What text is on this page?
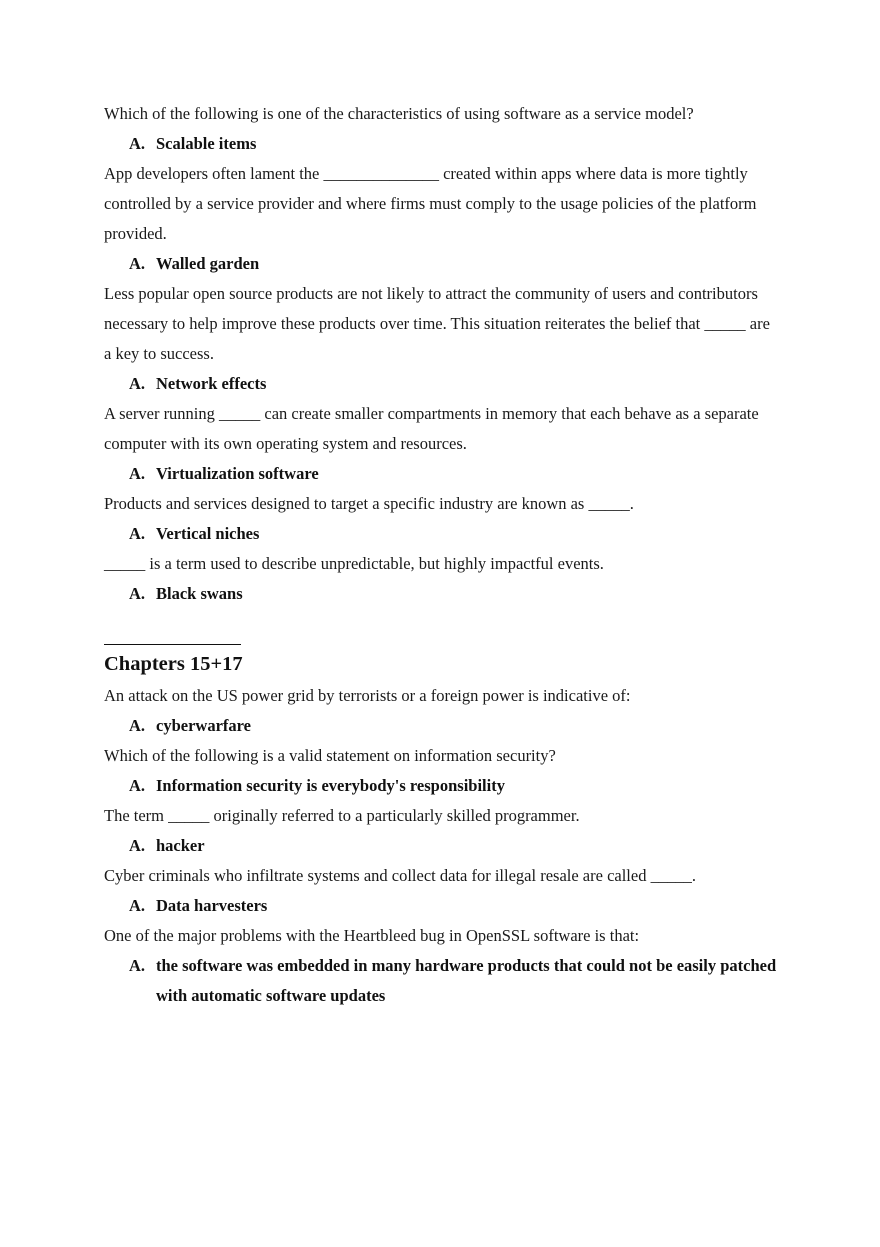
Which of the following is one of the characteristics of using software as a service model?

A. Scalable items

App developers often lament the ______________ created within apps where data is more tightly controlled by a service provider and where firms must comply to the usage policies of the platform provided.

A. Walled garden

Less popular open source products are not likely to attract the community of users and contributors necessary to help improve these products over time. This situation reiterates the belief that _____ are a key to success.

A. Network effects

A server running _____ can create smaller compartments in memory that each behave as a separate computer with its own operating system and resources.

A. Virtualization software

Products and services designed to target a specific industry are known as _____.

A. Vertical niches

_____ is a term used to describe unpredictable, but highly impactful events.

A. Black swans

Chapters 15+17

An attack on the US power grid by terrorists or a foreign power is indicative of:

A. cyberwarfare

Which of the following is a valid statement on information security?

A. Information security is everybody's responsibility

The term _____ originally referred to a particularly skilled programmer.

A. hacker

Cyber criminals who infiltrate systems and collect data for illegal resale are called _____.

A. Data harvesters

One of the major problems with the Heartbleed bug in OpenSSL software is that:

A. the software was embedded in many hardware products that could not be easily patched with automatic software updates
